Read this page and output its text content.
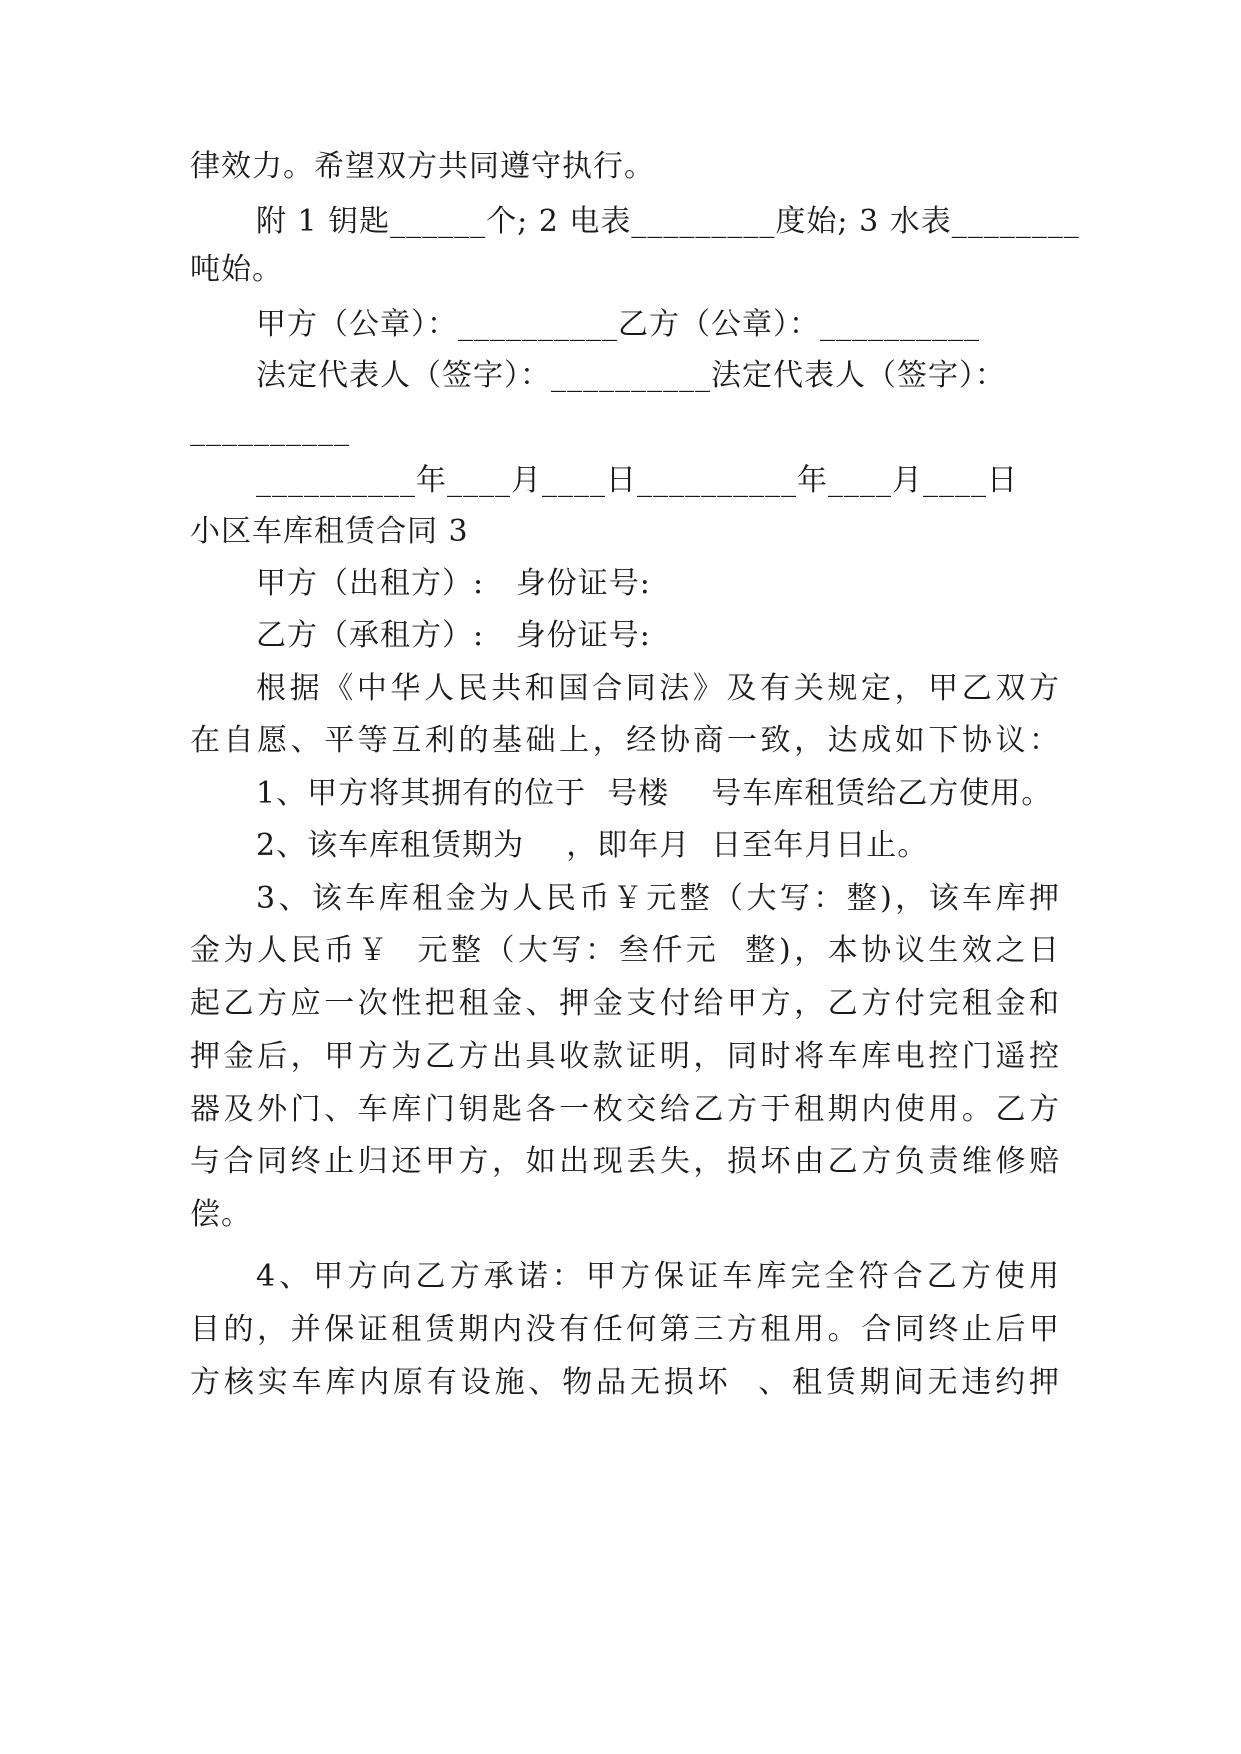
律效力。希望双方共同遵守执行。
附 1 钥匙______个; 2 电表_________度始; 3 水表________
吨始。
甲方（公章）：__________乙方（公章）：__________
法定代表人（签字）：__________法定代表人（签字）：
__________
__________年____月____日__________年____月____日
小区车库租赁合同 3
甲方（出租方）:   身份证号:
乙方（承租方）:   身份证号:
根据《中华人民共和国合同法》及有关规定，甲乙双方
在自愿、平等互利的基础上，经协商一致，达成如下协议：
1、甲方将其拥有的位于  号楼    号车库租赁给乙方使用。
2、该车库租赁期为    ，即年月  日至年月日止。
3、该车库租金为人民币￥元整（大写：整)，该车库押
金为人民币￥  元整（大写：叁仟元  整)，本协议生效之日
起乙方应一次性把租金、押金支付给甲方，乙方付完租金和
押金后，甲方为乙方出具收款证明，同时将车库电控门遥控
器及外门、车库门钥匙各一枚交给乙方于租期内使用。乙方
与合同终止归还甲方，如出现丢失，损坏由乙方负责维修赔
偿。
4、甲方向乙方承诺：甲方保证车库完全符合乙方使用
目的，并保证租赁期内没有任何第三方租用。合同终止后甲
方核实车库内原有设施、物品无损坏  、租赁期间无违约押
